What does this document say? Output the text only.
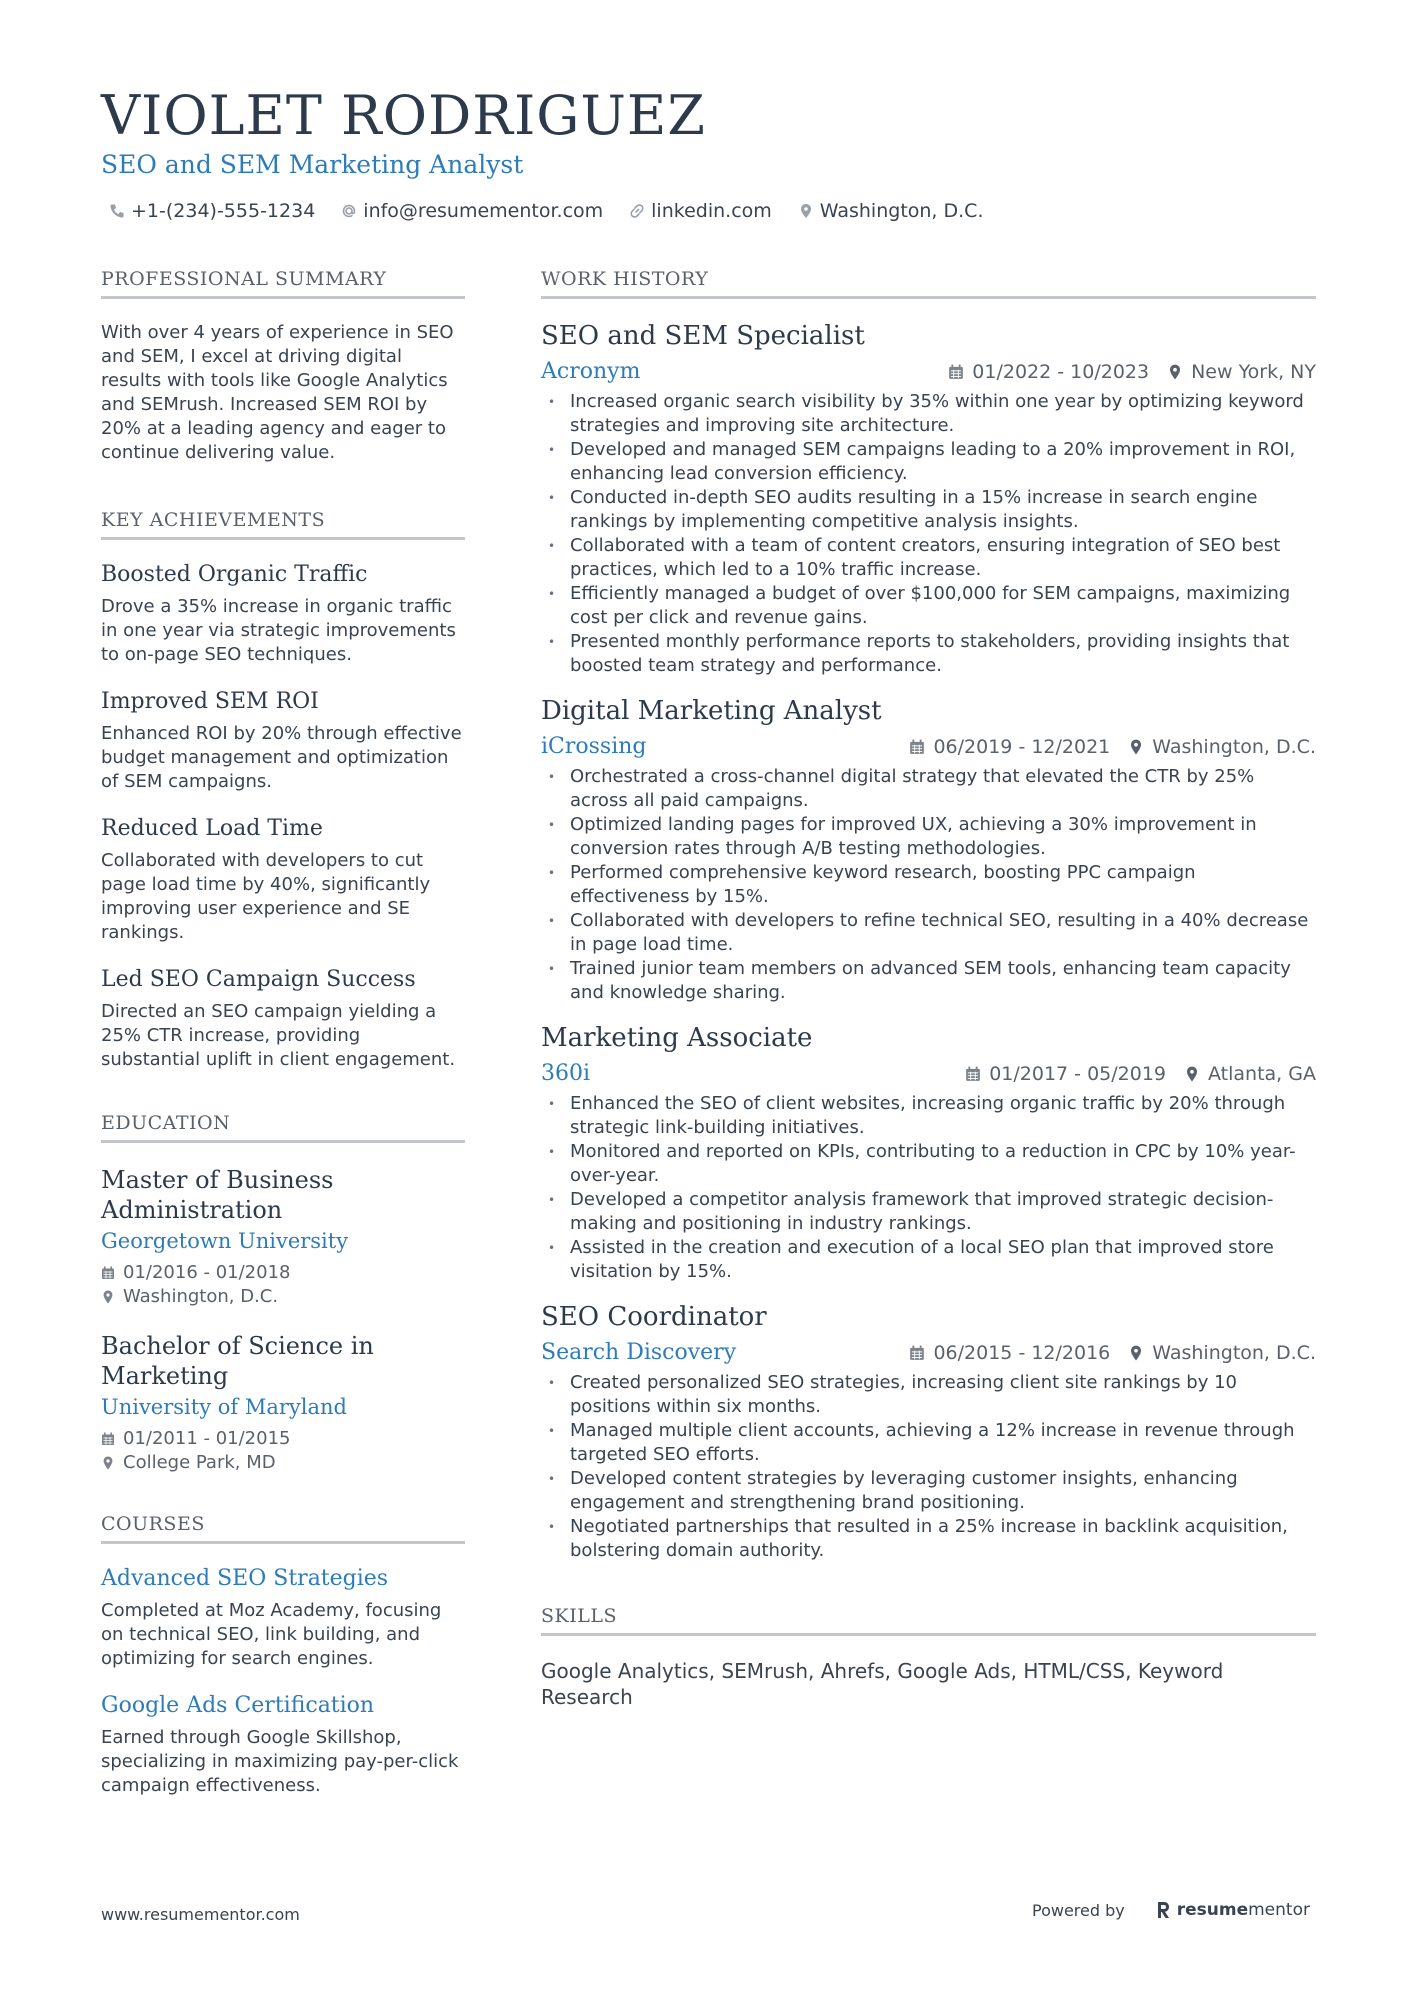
VIOLET RODRIGUEZ
SEO and SEM Marketing Analyst
+1-(234)-555-1234	info@resumementor.com	linkedin.com	Washington, D.C.
PROFESSIONAL SUMMARY

With over 4 years of experience in SEO and SEM, I excel at driving digital results with tools like Google Analytics and SEMrush. Increased SEM ROI by 20% at a leading agency and eager to continue delivering value.

KEY ACHIEVEMENTS
Boosted Organic Traffic

Drove a 35% increase in organic traffic in one year via strategic improvements to on-page SEO techniques.

Improved SEM ROI

Enhanced ROI by 20% through effective budget management and optimization of SEM campaigns.

Reduced Load Time

Collaborated with developers to cut page load time by 40%, significantly improving user experience and SE rankings.

Led SEO Campaign Success

Directed an SEO campaign yielding a 25% CTR increase, providing substantial uplift in client engagement.

EDUCATION
Master of Business Administration
Georgetown University
01/2016 - 01/2018
Washington, D.C.
Bachelor of Science in Marketing
University of Maryland
01/2011 - 01/2015
College Park, MD
COURSES
Advanced SEO Strategies

Completed at Moz Academy, focusing on technical SEO, link building, and optimizing for search engines.

Google Ads Certification

Earned through Google Skillshop, specializing in maximizing pay-per-click campaign effectiveness.

WORK HISTORY
SEO and SEM Specialist
Acronym	01/2022 - 10/2023 New York, NY
• Increased organic search visibility by 35% within one year by optimizing keyword strategies and improving site architecture.
• Developed and managed SEM campaigns leading to a 20% improvement in ROI, enhancing lead conversion efficiency.
• Conducted in-depth SEO audits resulting in a 15% increase in search engine rankings by implementing competitive analysis insights.
• Collaborated with a team of content creators, ensuring integration of SEO best practices, which led to a 10% traffic increase.
• Efficiently managed a budget of over $100,000 for SEM campaigns, maximizing cost per click and revenue gains.
• Presented monthly performance reports to stakeholders, providing insights that boosted team strategy and performance.
Digital Marketing Analyst
iCrossing	06/2019 - 12/2021 Washington, D.C.
• Orchestrated a cross-channel digital strategy that elevated the CTR by 25% across all paid campaigns.
• Optimized landing pages for improved UX, achieving a 30% improvement in conversion rates through A/B testing methodologies.
• Performed comprehensive keyword research, boosting PPC campaign effectiveness by 15%.
• Collaborated with developers to refine technical SEO, resulting in a 40% decrease in page load time.
• Trained junior team members on advanced SEM tools, enhancing team capacity and knowledge sharing.
Marketing Associate
360i	01/2017 - 05/2019 Atlanta, GA
• Enhanced the SEO of client websites, increasing organic traffic by 20% through strategic link-building initiatives.
• Monitored and reported on KPIs, contributing to a reduction in CPC by 10% year-over-year.
• Developed a competitor analysis framework that improved strategic decision-making and positioning in industry rankings.
• Assisted in the creation and execution of a local SEO plan that improved store visitation by 15%.
SEO Coordinator
Search Discovery	06/2015 - 12/2016 Washington, D.C.
• Created personalized SEO strategies, increasing client site rankings by 10 positions within six months.
• Managed multiple client accounts, achieving a 12% increase in revenue through targeted SEO efforts.
• Developed content strategies by leveraging customer insights, enhancing engagement and strengthening brand positioning.
• Negotiated partnerships that resulted in a 25% increase in backlink acquisition, bolstering domain authority.
SKILLS

Google Analytics, SEMrush, Ahrefs, Google Ads, HTML/CSS, Keyword Research

www.resumementor.com	Powered by	resume mentor
